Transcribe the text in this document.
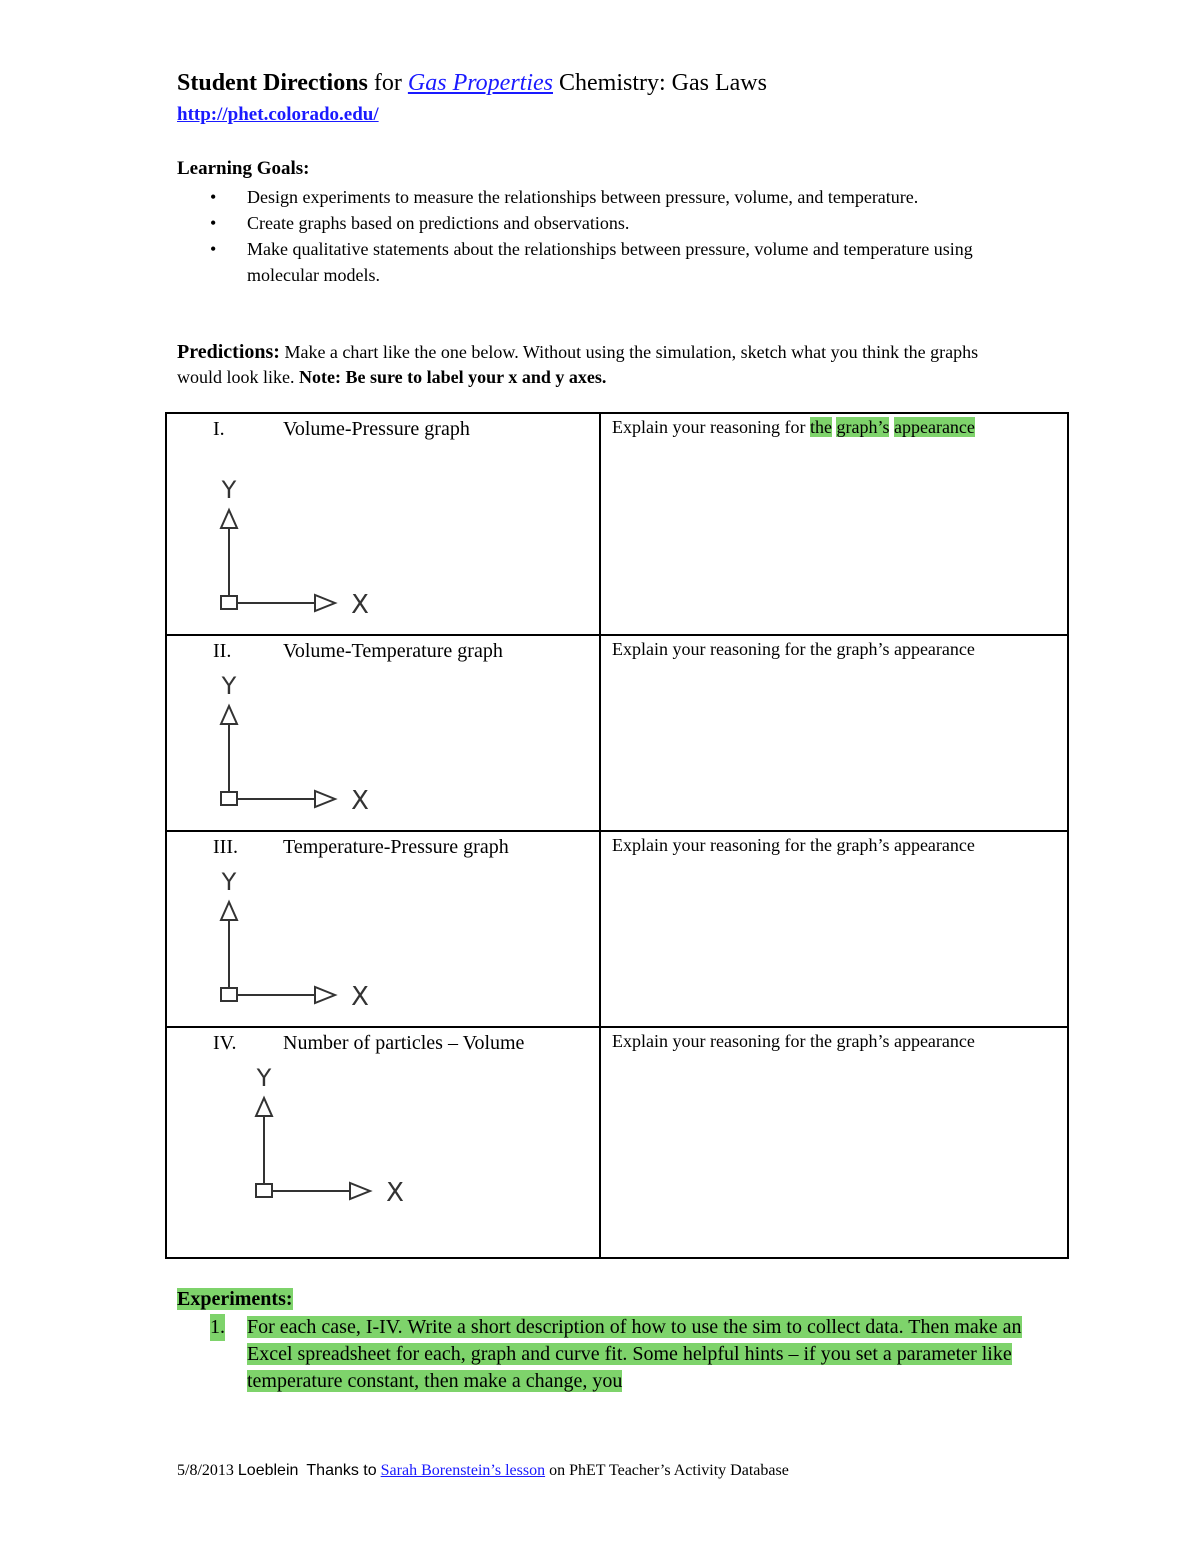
Student Directions for Gas Properties Chemistry: Gas Laws
http://phet.colorado.edu/
Learning Goals:
• Design experiments to measure the relationships between pressure, volume, and temperature.
• Create graphs based on predictions and observations.
• Make qualitative statements about the relationships between pressure, volume and temperature using molecular models.
Predictions: Make a chart like the one below. Without using the simulation, sketch what you think the graphs would look like. Note: Be sure to label your x and y axes.
I. Volume-Pressure graph
Y
X	Explain your reasoning for the graph’s appearance

II. Volume-Temperature graph
Y
X	Explain your reasoning for the graph’s appearance

III. Temperature-Pressure graph
Y
X	Explain your reasoning for the graph’s appearance

IV. Number of particles – Volume
Y
X	Explain your reasoning for the graph’s appearance
Experiments:
1. For each case, I-IV. Write a short description of how to use the sim to collect data. Then make an Excel spreadsheet for each, graph and curve fit. Some helpful hints – if you set a parameter like temperature constant, then make a change, you
5/8/2013 Loeblein Thanks to Sarah Borenstein’s lesson on PhET Teacher’s Activity Database
